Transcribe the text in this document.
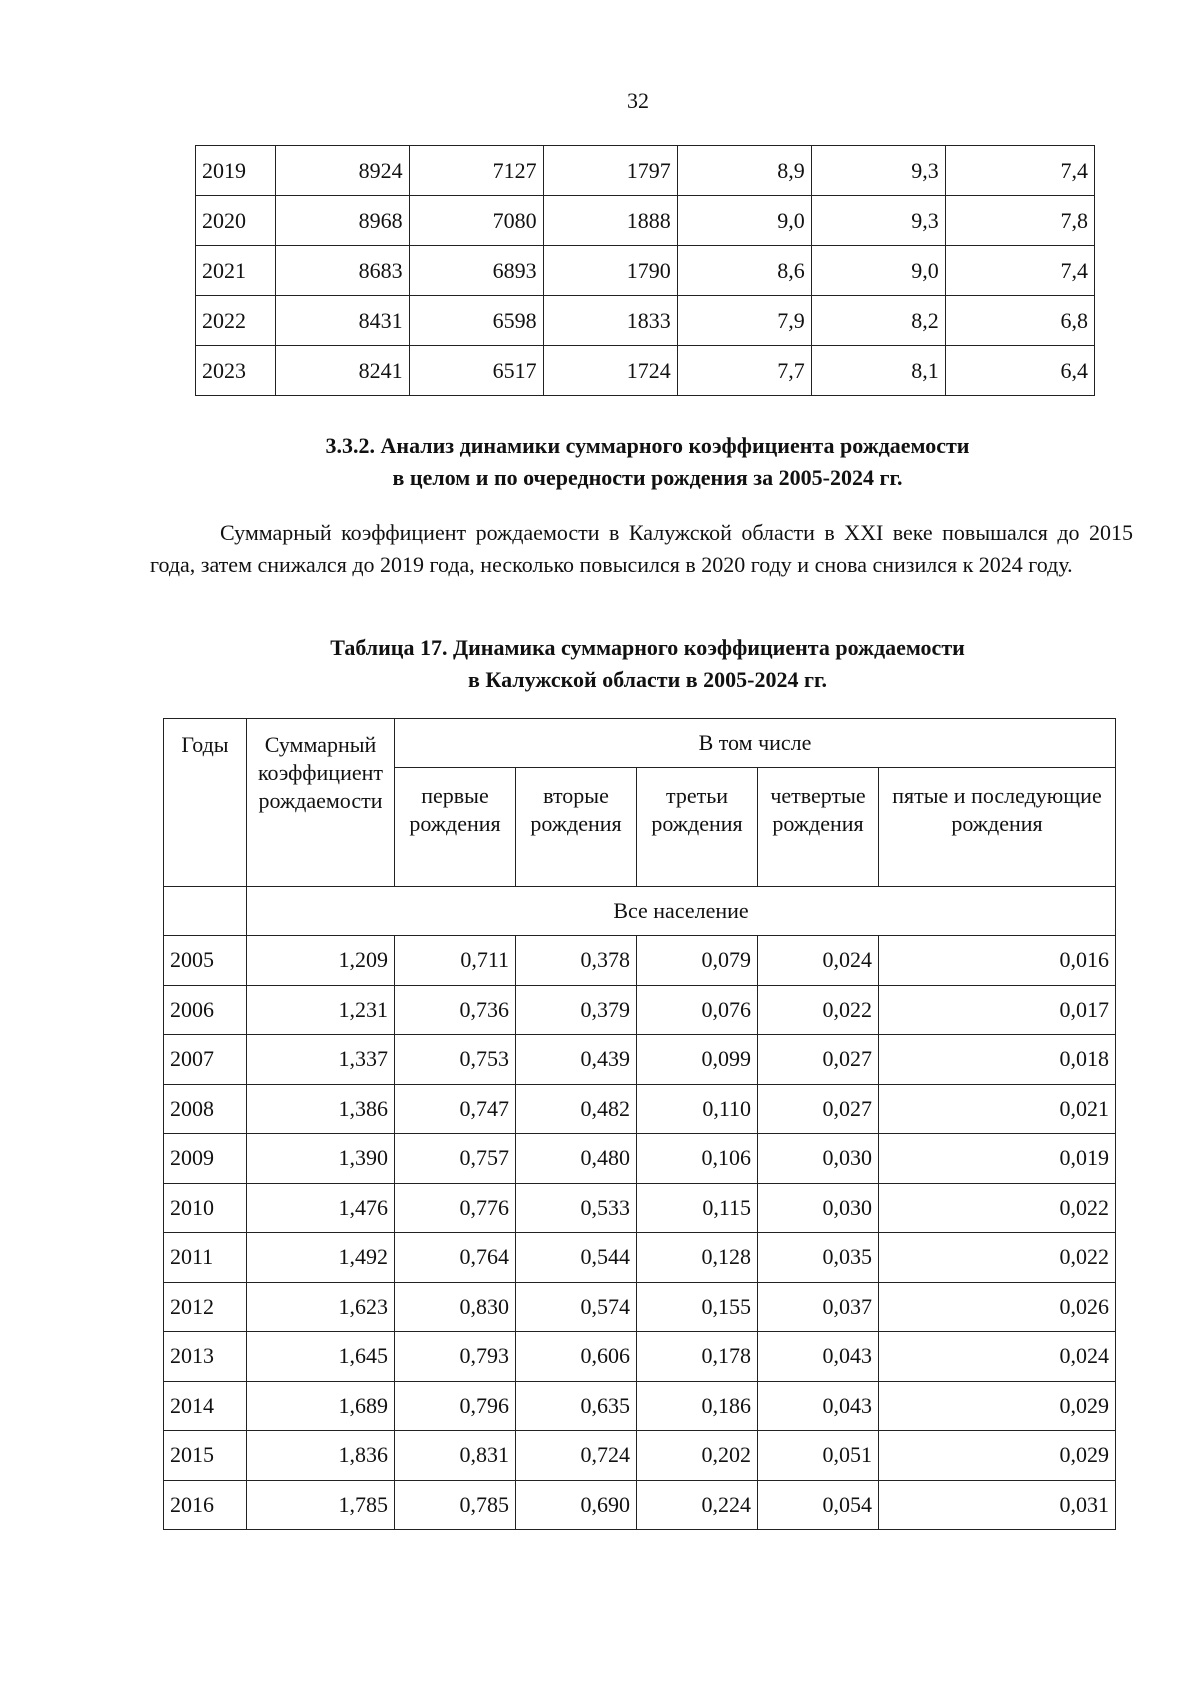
32
2019	8924	7127	1797	8,9	9,3	7,4
2020	8968	7080	1888	9,0	9,3	7,8
2021	8683	6893	1790	8,6	9,0	7,4
2022	8431	6598	1833	7,9	8,2	6,8
2023	8241	6517	1724	7,7	8,1	6,4
3.3.2. Анализ динамики суммарного коэффициента рождаемости
в целом и по очередности рождения за 2005-2024 гг.
Суммарный коэффициент рождаемости в Калужской области в XXI веке повышался до 2015 года, затем снижался до 2019 года, несколько повысился в 2020 году и снова снизился к 2024 году.
Таблица 17. Динамика суммарного коэффициента рождаемости
в Калужской области в 2005-2024 гг.
Годы	Суммарный коэффициент рождаемости	В том числе				
		первые рождения	вторые рождения	третьи рождения	четвертые рождения	пятые и последующие рождения
	Все население					
2005	1,209	0,711	0,378	0,079	0,024	0,016
2006	1,231	0,736	0,379	0,076	0,022	0,017
2007	1,337	0,753	0,439	0,099	0,027	0,018
2008	1,386	0,747	0,482	0,110	0,027	0,021
2009	1,390	0,757	0,480	0,106	0,030	0,019
2010	1,476	0,776	0,533	0,115	0,030	0,022
2011	1,492	0,764	0,544	0,128	0,035	0,022
2012	1,623	0,830	0,574	0,155	0,037	0,026
2013	1,645	0,793	0,606	0,178	0,043	0,024
2014	1,689	0,796	0,635	0,186	0,043	0,029
2015	1,836	0,831	0,724	0,202	0,051	0,029
2016	1,785	0,785	0,690	0,224	0,054	0,031
